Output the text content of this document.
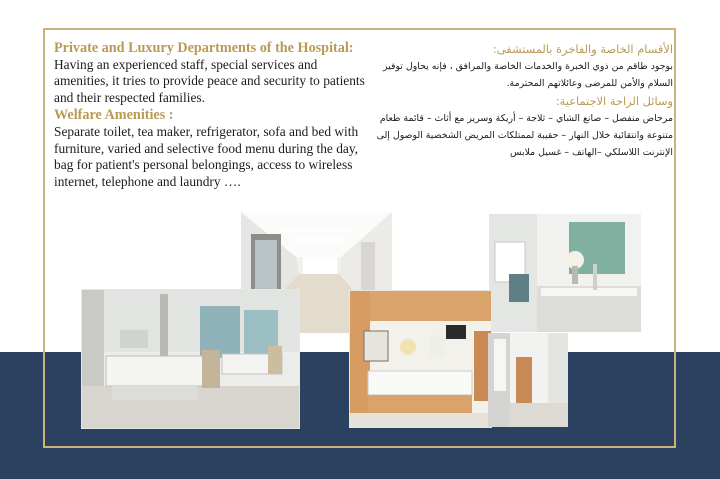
Private and Luxury Departments of the Hospital:

Having an experienced staff, special services and amenities, it tries to provide peace and security to patients and their respected families.

Welfare Amenities :

Separate toilet, tea maker, refrigerator, sofa and bed with furniture, varied and selective food menu during the day, bag for patient's personal belongings, access to wireless internet, telephone and laundry ….

الأقسام الخاصة والفاخرة بالمستشفى:

بوجود طاقم من ذوي الخبرة والخدمات الخاصة والمرافق ، فإنه يحاول توفير السلام والأمن للمرضى وعائلاتهم المحترمة.

وسائل الراحة الاجتماعية:

مرحاض منفصل – صانع الشاي – ثلاجة – أريكة وسرير مع أثاث – قائمة طعام متنوعة وانتقائية خلال النهار – حقيبة لممتلكات المريض الشخصية الوصول إلى الإنترنت اللاسلكي –الهاتف – غسيل ملابس
